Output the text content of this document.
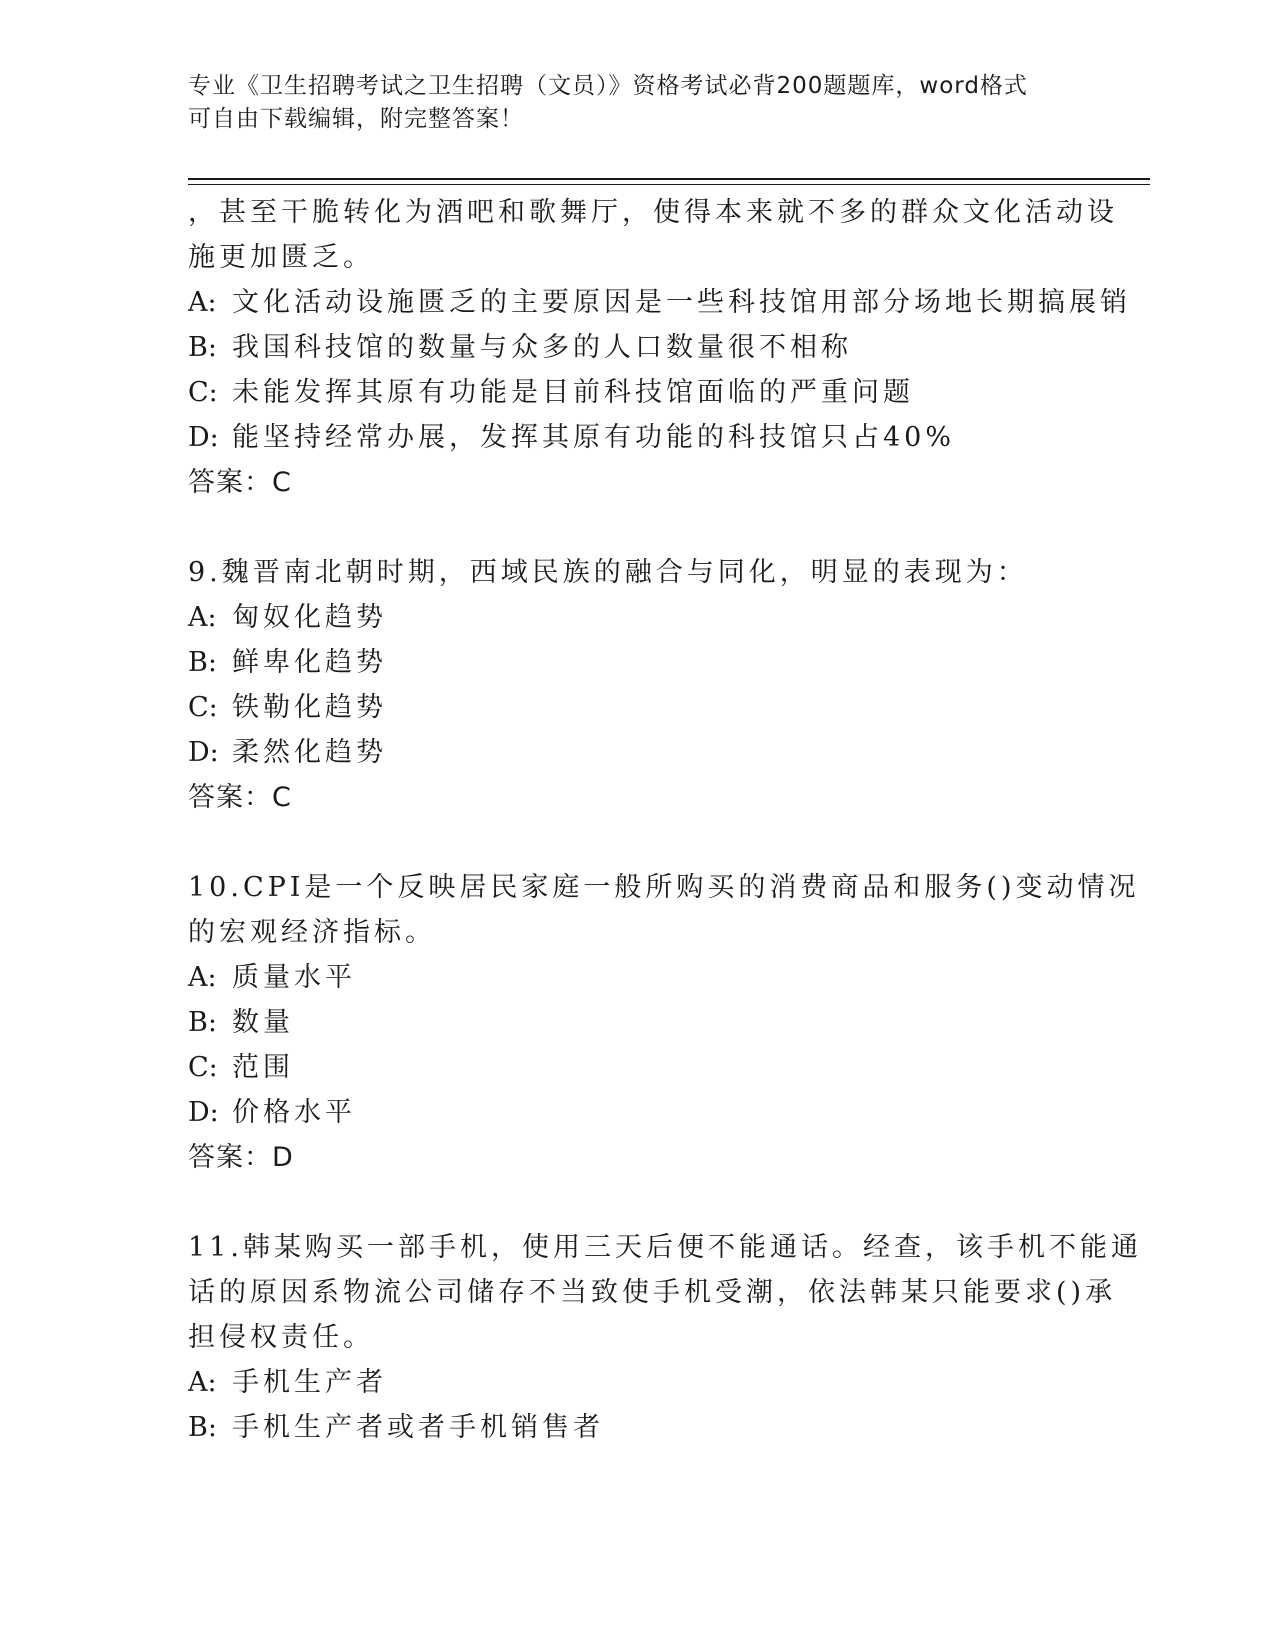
专业《卫生招聘考试之卫生招聘（文员）》资格考试必背200题题库，word格式
可自由下载编辑，附完整答案！
，甚至干脆转化为酒吧和歌舞厅，使得本来就不多的群众文化活动设
施更加匮乏。
A: 文化活动设施匮乏的主要原因是一些科技馆用部分场地长期搞展销
B: 我国科技馆的数量与众多的人口数量很不相称
C: 未能发挥其原有功能是目前科技馆面临的严重问题
D: 能坚持经常办展，发挥其原有功能的科技馆只占40%
答案：C
9.魏晋南北朝时期，西域民族的融合与同化，明显的表现为：
A: 匈奴化趋势
B: 鲜卑化趋势
C: 铁勒化趋势
D: 柔然化趋势
答案：C
10.CPI是一个反映居民家庭一般所购买的消费商品和服务()变动情况
的宏观经济指标。
A: 质量水平
B: 数量
C: 范围
D: 价格水平
答案：D
11.韩某购买一部手机，使用三天后便不能通话。经查，该手机不能通
话的原因系物流公司储存不当致使手机受潮，依法韩某只能要求()承
担侵权责任。
A: 手机生产者
B: 手机生产者或者手机销售者
